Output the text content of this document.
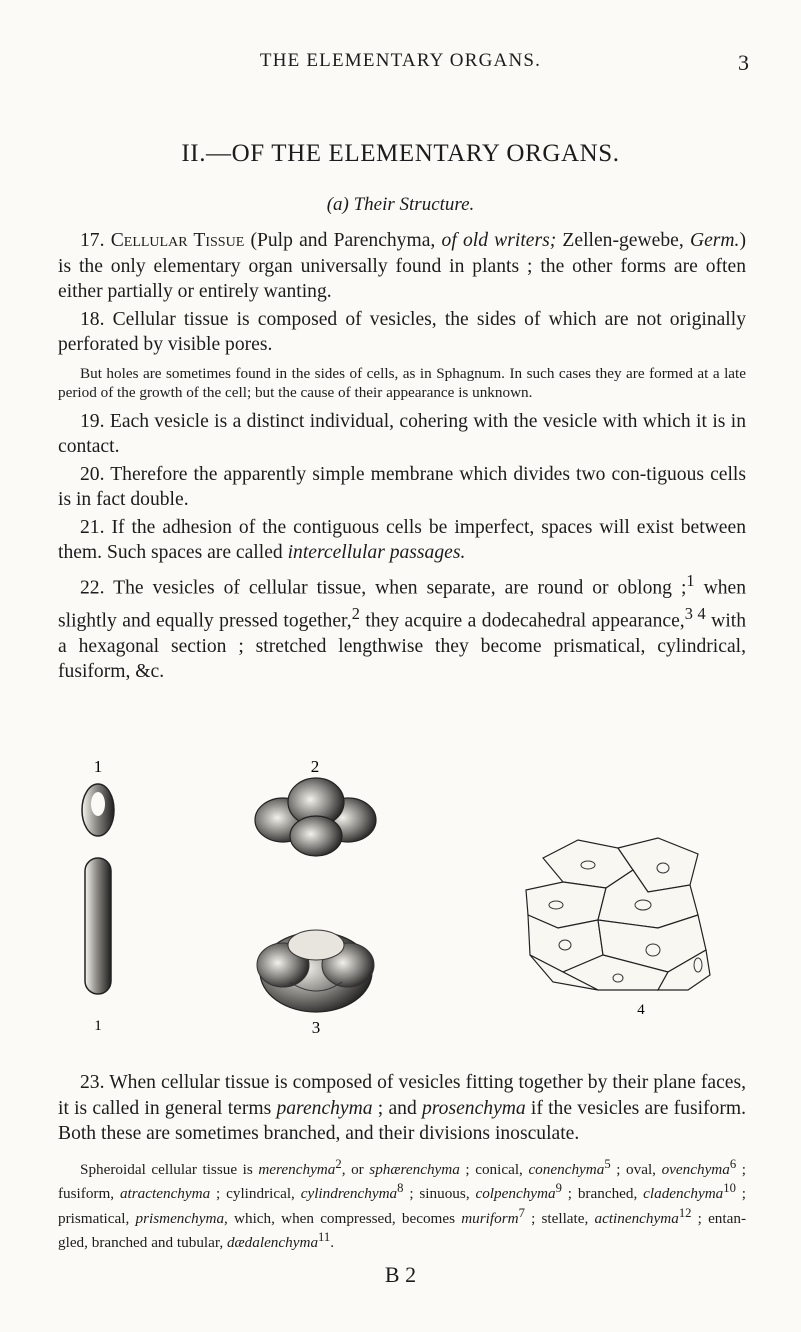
THE ELEMENTARY ORGANS.	3
II.—OF THE ELEMENTARY ORGANS.
(a) Their Structure.

17. Cellular Tissue (Pulp and Parenchyma, of old writers; Zellen-gewebe, Germ.) is the only elementary organ universally found in plants ; the other forms are often either partially or entirely wanting.

18. Cellular tissue is composed of vesicles, the sides of which are not originally perforated by visible pores.

But holes are sometimes found in the sides of cells, as in Sphagnum. In such cases they are formed at a late period of the growth of the cell; but the cause of their appearance is unknown.

19. Each vesicle is a distinct individual, cohering with the vesicle with which it is in contact.

20. Therefore the apparently simple membrane which divides two con-tiguous cells is in fact double.

21. If the adhesion of the contiguous cells be imperfect, spaces will exist between them. Such spaces are called intercellular passages.

22. The vesicles of cellular tissue, when separate, are round or oblong ;$^1$ when slightly and equally pressed together,$^2$ they acquire a dodecahedral appearance,$^3$ $^4$ with a hexagonal section ; stretched lengthwise they become prismatical, cylindrical, fusiform, &c.

1
1
2
3
4

23. When cellular tissue is composed of vesicles fitting together by their plane faces, it is called in general terms parenchyma ; and prosenchyma if the vesicles are fusiform. Both these are sometimes branched, and their divisions inosculate.

Spheroidal cellular tissue is merenchyma$^2$, or sphærenchyma ; conical, conenchyma$^5$ ; oval, ovenchyma$^6$ ; fusiform, atractenchyma ; cylindrical, cylindrenchyma$^8$ ; sinuous, colpenchyma$^9$ ; branched, cladenchyma$^{10}$ ; prismatical, prismenchyma, which, when compressed, becomes muriform$^7$ ; stellate, actinenchyma$^{12}$ ; entan-gled, branched and tubular, dædalenchyma$^{11}$.

B 2
